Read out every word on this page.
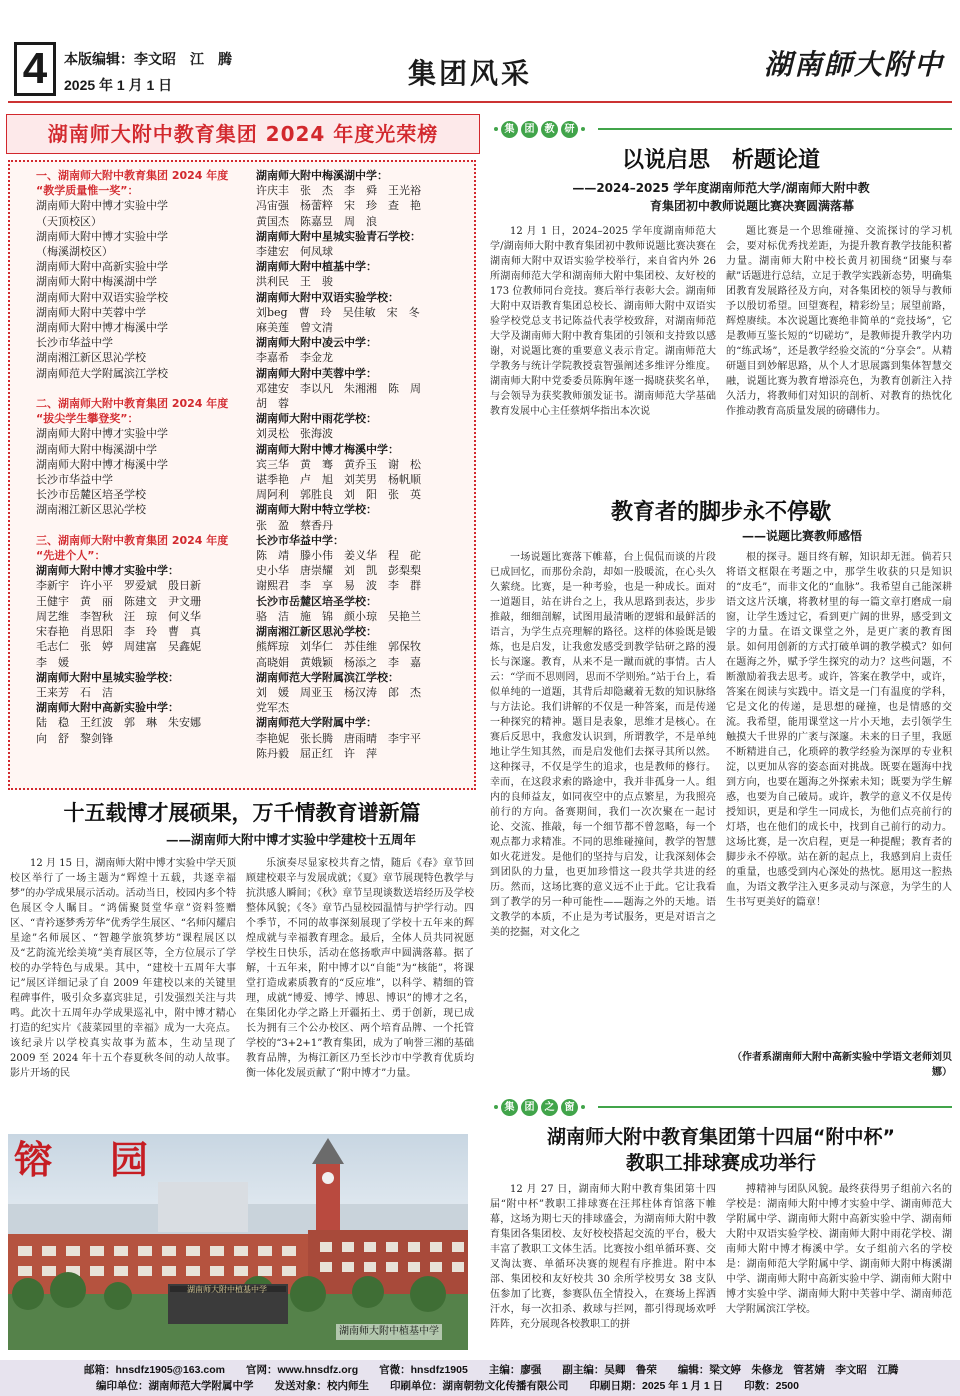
4	本版编辑：李文昭　江　腾
2025 年 1 月 1 日	集团风采	湖南師大附中
湖南师大附中教育集团 2024 年度光荣榜
一、湖南师大附中教育集团 2024 年度
“教学质量惟一奖”：
湖南师大附中博才实验中学
（天顶校区）
湖南师大附中博才实验中学
（梅溪湖校区）
湖南师大附中高新实验中学
湖南师大附中梅溪湖中学
湖南师大附中双语实验学校
湖南师大附中芙蓉中学
湖南师大附中博才梅溪中学
长沙市华益中学
湖南湘江新区思沁学校
湖南师范大学附属滨江学校

二、湖南师大附中教育集团 2024 年度
“拔尖学生攀登奖”：
湖南师大附中博才实验中学
湖南师大附中梅溪湖中学
湖南师大附中博才梅溪中学
长沙市华益中学
长沙市岳麓区培圣学校
湖南湘江新区思沁学校

三、湖南师大附中教育集团 2024 年度
“先进个人”：
湖南师大附中博才实验中学：
李新宇　许小平　罗爱斌　殷日新
王健宇　黄　丽　陈建文　尹文珊
周艺维　李智秋　汪　琼　何义华
宋春艳　肖思阳　李　玲　曹　真
毛志仁　张　婷　周建富　吴鑫妮
李　媛
湖南师大附中星城实验学校：
王来芳　石　洁
湖南师大附中高新实验中学：
陆　稳　王红波　郭　琳　朱安娜
向　舒　黎剑锋
湖南师大附中梅溪湖中学：
许庆丰　张　杰　李　舜　王光裕
冯宙强　杨蕾粹　宋　珍　查　艳
黄国杰　陈嘉昱　周　浪
湖南师大附中星城实验青石学校：
李建宏　何凤球
湖南师大附中植基中学：
洪利民　王　骏
湖南师大附中双语实验学校：
刘beg　曹　玲　吴佳敏　宋　冬
麻美莲　曾文清
湖南师大附中凌云中学：
李嘉希　李金龙
湖南师大附中芙蓉中学：
邓建安　李以凡　朱湘湘　陈　周
胡　蓉
湖南师大附中雨花学校：
刘灵松　张海波
湖南师大附中博才梅溪中学：
宾三华　黄　骞　黄乔玉　谢　松
谌季艳　卢　旭　刘芙男　杨帆顺
周阿利　郭胜良　刘　阳　张　英
湖南师大附中特立学校：
张　盈　蔡香丹
长沙市华益中学：
陈　靖　滕小伟　姜义华　程　砣
史小华　唐崇耀　刘　凯　彭梨梨
谢熙君　李　享　易　波　李　群
长沙市岳麓区培圣学校：
骆　洁　施　锦　颜小琼　吴艳兰
湖南湘江新区思沁学校：
熊辉琼　刘华仁　苏佳维　郭保牧
高晓娟　黄娥颖　杨添之　李　嘉
湖南师范大学附属滨江学校：
刘　媛　周亚玉　杨汉涛　郎　杰
党军杰
湖南师范大学附属中学：
李艳妮　张长腾　唐雨晴　李宇平
陈丹毅　屈正红　许　萍
集	团	教	研
以说启思　析题论道
——2024–2025 学年度湖南师范大学/湖南师大附中教
育集团初中教师说题比赛决赛圆满落幕
12 月 1 日，2024–2025 学年度湖南师范大学/湖南师大附中教育集团初中教师说题比赛决赛在湖南师大附中双语实验学校举行，来自省内外 26 所湖南师范大学和湖南师大附中集团校、友好校的 173 位教师同台竞技。赛后举行表彰大会。湖南师大附中双语教育集团总校长、湖南师大附中双语实验学校党总支书记陈益代表学校致辞，对湖南师范大学及湖南师大附中教育集团的引领和支持致以感谢，对说题比赛的重要意义表示肯定。湖南师范大学教务与统计学院教授袁智强阐述多维评分维度。湖南师大附中党委委员陈胸年逐一揭晓获奖名单，与会领导为获奖教师颁发证书。湖南师范大学基础教育发展中心主任蔡炳华指出本次说
题比赛是一个思维碰撞、交流探讨的学习机会，要对标优秀找差距，为提升教育教学技能积蓄力量。湖南师大附中校长黄月初围绕“团聚与奉献”话题进行总结，立足于教学实践新态势，明确集团教育发展路径及方向，对各集团校的领导与教师予以殷切希望。回望赛程，精彩纷呈；展望前路，辉煌赓续。本次说题比赛绝非简单的“竞技场”，它是教师互鉴长短的“切磋坊”，是教师提升教学内功的“练武场”，还是教学经验交流的“分享会”。从精研题目到妙解思路，从个人才思展露到集体智慧交融，说题比赛为教育增添亮色，为教育创新注入持久活力，将教师们对知识的剖析、对教育的热忱化作推动教育高质量发展的磅礴伟力。
教育者的脚步永不停歇
——说题比赛教师感悟
一场说题比赛落下帷幕，台上侃侃而谈的片段已成回忆，而那份余韵，却如一股暖流，在心头久久萦绕。比赛，是一种考验，也是一种成长。面对一道题目，站在讲台之上，我从思路到表达，步步推敲，细细剖解，试图用最清晰的逻辑和最鲜活的语言，为学生点亮理解的路径。这样的体验既是锻炼，也是启发，让我愈发感受到教学钻研之路的漫长与深邃。教育，从来不是一蹴而就的事情。古人云：“学而不思则罔，思而不学则殆。”站于台上，看似单纯的一道题，其背后却隐藏着无数的知识脉络与方法论。我们讲解的不仅是一种答案，而是传递一种探究的精神。题目是表象，思维才是核心。在赛后反思中，我愈发认识到，所谓教学，不是单纯地让学生知其然，而是启发他们去探寻其所以然。这种探寻，不仅是学生的追求，也是教师的修行。幸而，在这段求索的路途中，我并非孤身一人。组内的良师益友，如同夜空中的点点繁星，为我照亮前行的方向。备赛期间，我们一次次聚在一起讨论、交流、推敲，每一个细节都不曾忽略，每一个观点都力求精准。不同的思维碰撞间，教学的智慧如火花迸发。是他们的坚持与启发，让我深刻体会到团队的力量，也更加珍惜这一段共学共进的经历。然而，这场比赛的意义远不止于此。它让我看到了教学的另一种可能性——题海之外的天地。语文教学的本质，不止是为考试服务，更是对语言之美的挖掘，对文化之
根的探寻。题目终有解，知识却无涯。倘若只将语文框限在考题之中，那学生收获的只是知识的“皮毛”，而非文化的“血脉”。我希望自己能深耕语文这片沃壤，将教材里的每一篇文章打磨成一扇窗，让学生透过它，看到更广阔的世界，感受到文字的力量。在语文课堂之外，是更广袤的教育图景。如何用创新的方式打破单调的教学模式？如何在题海之外，赋予学生探究的动力？这些问题，不断激励着我去思考。或许，答案在教学中，或许，答案在阅读与实践中。语文是一门有温度的学科，它是文化的传递，是思想的碰撞，也是情感的交流。我希望，能用课堂这一片小天地，去引领学生触摸大千世界的广袤与深邃。未来的日子里，我愿不断精进自己，化琐碎的教学经验为深厚的专业积淀，以更加从容的姿态面对挑战。既要在题海中找到方向，也要在题海之外探索未知；既要为学生解惑，也要为自己破局。或许，教学的意义不仅是传授知识，更是和学生一同成长，为他们点亮前行的灯塔，也在他们的成长中，找到自己前行的动力。这场比赛，是一次启程，更是一种提醒；教育者的脚步永不停歇。站在新的起点上，我感到肩上责任的重量，也感受到内心深处的热忱。愿用这一腔热血，为语文教学注入更多灵动与深意，为学生的人生书写更美好的篇章！
（作者系湖南师大附中高新实验中学语文老师刘贝娜）
集	团	之	窗
湖南师大附中教育集团第十四届“附中杯”
教职工排球赛成功举行
12 月 27 日，湖南师大附中教育集团第十四届“附中杯”教职工排球赛在汪邦柱体育馆落下帷幕，这场为期七天的排球盛会，为湖南师大附中教育集团各集团校、友好校校搭起交流的平台，极大丰富了教职工文体生活。比赛按小组单循环赛、交叉淘汰赛、单循环决赛的规程有序推进。附中本部、集团校和友好校共 30 余所学校男女 38 支队伍参加了比赛，参赛队伍全情投入，在赛场上挥洒汗水，每一次扣杀、救球与拦网，都引得现场欢呼阵阵，充分展现各校教职工的拼
搏精神与团队风貌。最终获得男子组前六名的学校是：湖南师大附中博才实验中学、湖南师范大学附属中学、湖南师大附中高新实验中学、湖南师大附中双语实验学校、湖南师大附中雨花学校、湖南师大附中博才梅溪中学。女子组前六名的学校是：湖南师范大学附属中学、湖南师大附中梅溪湖中学、湖南师大附中高新实验中学、湖南师大附中博才实验中学、湖南师大附中芙蓉中学、湖南师范大学附属滨江学校。
十五载博才展硕果，万千情教育谱新篇
——湖南师大附中博才实验中学建校十五周年
12 月 15 日，湖南师大附中博才实验中学天顶校区举行了一场主题为“辉煌十五载，共逐幸福梦”的办学成果展示活动。活动当日，校园内多个特色展区令人瞩目。“鸿儒聚贤堂华章”资料签赠区、“青衿逐梦秀芳华”优秀学生展区、“名师闪耀启星途”名师展区、“智趣学旅筑梦坊”课程展区以及“艺韵流光绘美境”美育展区等，全方位展示了学校的办学特色与成果。其中，“建校十五周年大事记”展区详细记录了自 2009 年建校以来的关键里程碑事件，吸引众多嘉宾驻足，引发强烈关注与共鸣。此次十五周年办学成果巡礼中，附中博才精心打造的纪实片《菠菜园里的幸福》成为一大亮点。该纪录片以学校真实故事为蓝本，生动呈现了 2009 至 2024 年十五个春夏秋冬间的动人故事。影片开场的民
乐演奏尽显家校共育之情，随后《春》章节回顾建校艰辛与发展成就；《夏》章节展现特色教学与抗洪感人瞬间；《秋》章节呈现谈数送培经历及学校整体风貌；《冬》章节凸显校园温情与护学行动。四个季节，不同的故事深刻展现了学校十五年来的辉煌成就与幸福教育理念。最后，全体人员共同祝愿学校生日快乐，活动在悠扬歌声中圆满落幕。据了解，十五年来，附中博才以“自能”为“核能”，将课堂打造成素质教育的“反应堆”，以科学、精细的管理，成就“博爱、博学、博思、博识”的博才之名，在集团化办学之路上开疆拓土、勇于创新，现已成长为拥有三个公办校区、两个培育品牌、一个托管学校的“3+2+1”教育集团，成为了响誉三湘的基础教育品牌，为梅江新区乃至长沙市中学教育优质均衡一体化发展贡献了“附中博才”力量。
湖南师大附中植基中学
镕　园
湖南师大附中植基中学
邮箱：hnsdfz1905@163.com　　官网：www.hnsdfz.org　　官微：hnsdfz1905　　主编：廖强　　副主编：吴卿　鲁荣　　编辑：梁文婷　朱修龙　管茗婧　李文昭　江腾
编印单位：湖南师范大学附属中学　　发送对象：校内师生　　印刷单位：湖南朝勃文化传播有限公司　　印刷日期：2025 年 1 月 1 日　　印数：2500
